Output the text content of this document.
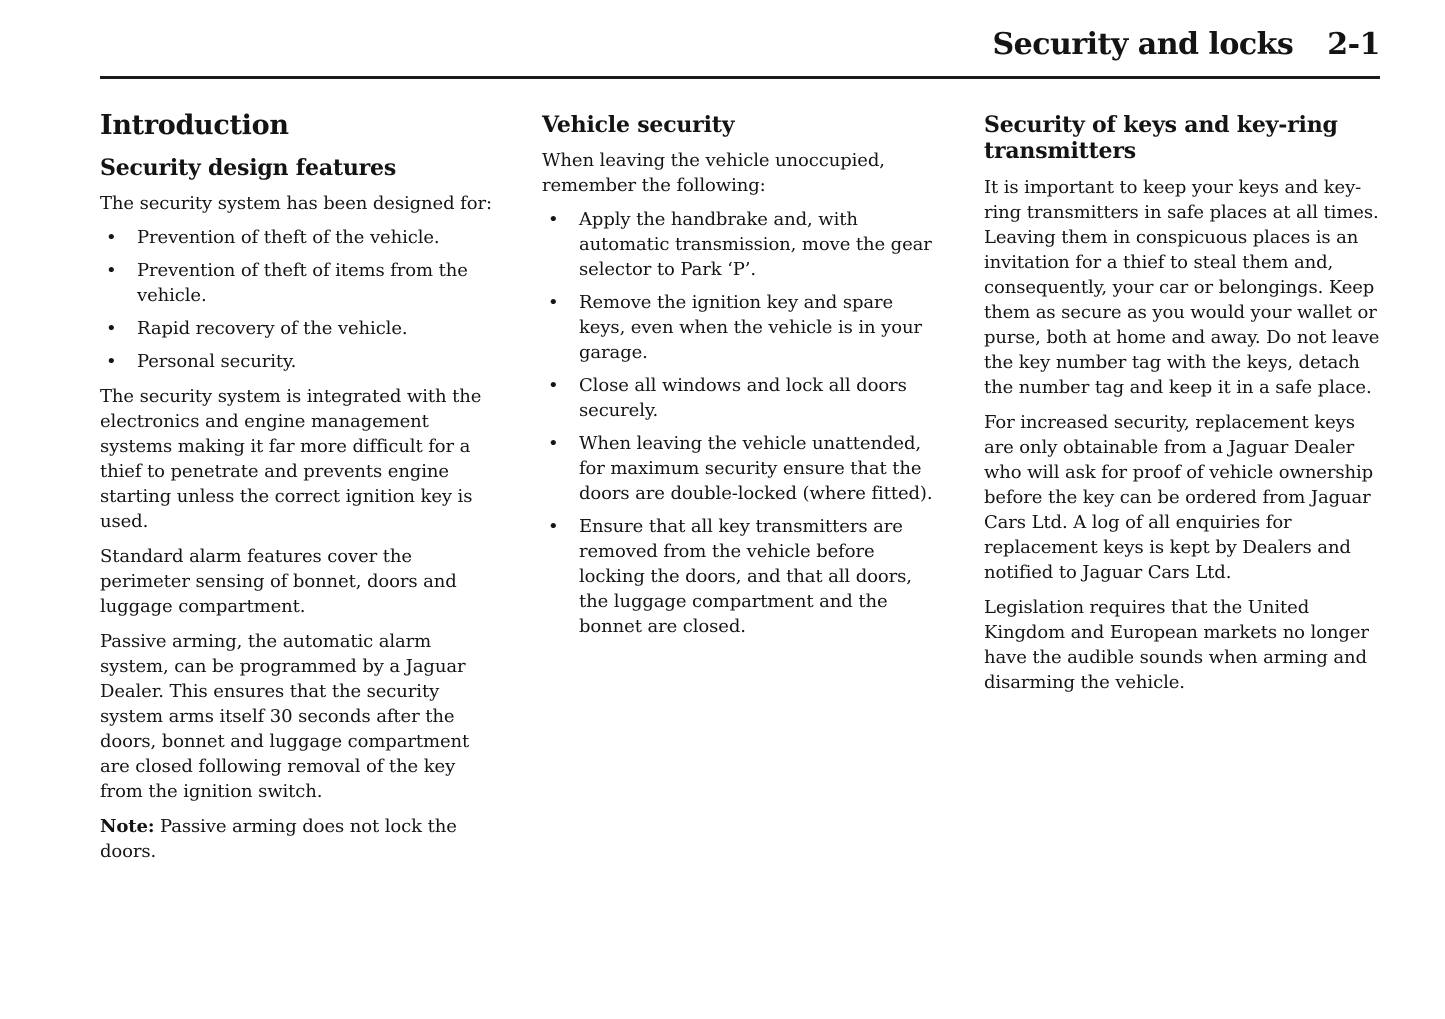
Security and locks 2-1
Introduction
Security design features

The security system has been designed for:

• Prevention of theft of the vehicle.
• Prevention of theft of items from the vehicle.
• Rapid recovery of the vehicle.
• Personal security.

The security system is integrated with the electronics and engine management systems making it far more difficult for a thief to penetrate and prevents engine starting unless the correct ignition key is used.

Standard alarm features cover the perimeter sensing of bonnet, doors and luggage compartment.

Passive arming, the automatic alarm system, can be programmed by a Jaguar Dealer. This ensures that the security system arms itself 30 seconds after the doors, bonnet and luggage compartment are closed following removal of the key from the ignition switch.

Note: Passive arming does not lock the doors.

Vehicle security

When leaving the vehicle unoccupied, remember the following:

• Apply the handbrake and, with automatic transmission, move the gear selector to Park ‘P’.
• Remove the ignition key and spare keys, even when the vehicle is in your garage.
• Close all windows and lock all doors securely.
• When leaving the vehicle unattended, for maximum security ensure that the doors are double-locked (where fitted).
• Ensure that all key transmitters are removed from the vehicle before locking the doors, and that all doors, the luggage compartment and the bonnet are closed.
Security of keys and key-ring transmitters

It is important to keep your keys and key-ring transmitters in safe places at all times. Leaving them in conspicuous places is an invitation for a thief to steal them and, consequently, your car or belongings. Keep them as secure as you would your wallet or purse, both at home and away. Do not leave the key number tag with the keys, detach the number tag and keep it in a safe place.

For increased security, replacement keys are only obtainable from a Jaguar Dealer who will ask for proof of vehicle ownership before the key can be ordered from Jaguar Cars Ltd. A log of all enquiries for replacement keys is kept by Dealers and notified to Jaguar Cars Ltd.

Legislation requires that the United Kingdom and European markets no longer have the audible sounds when arming and disarming the vehicle.
